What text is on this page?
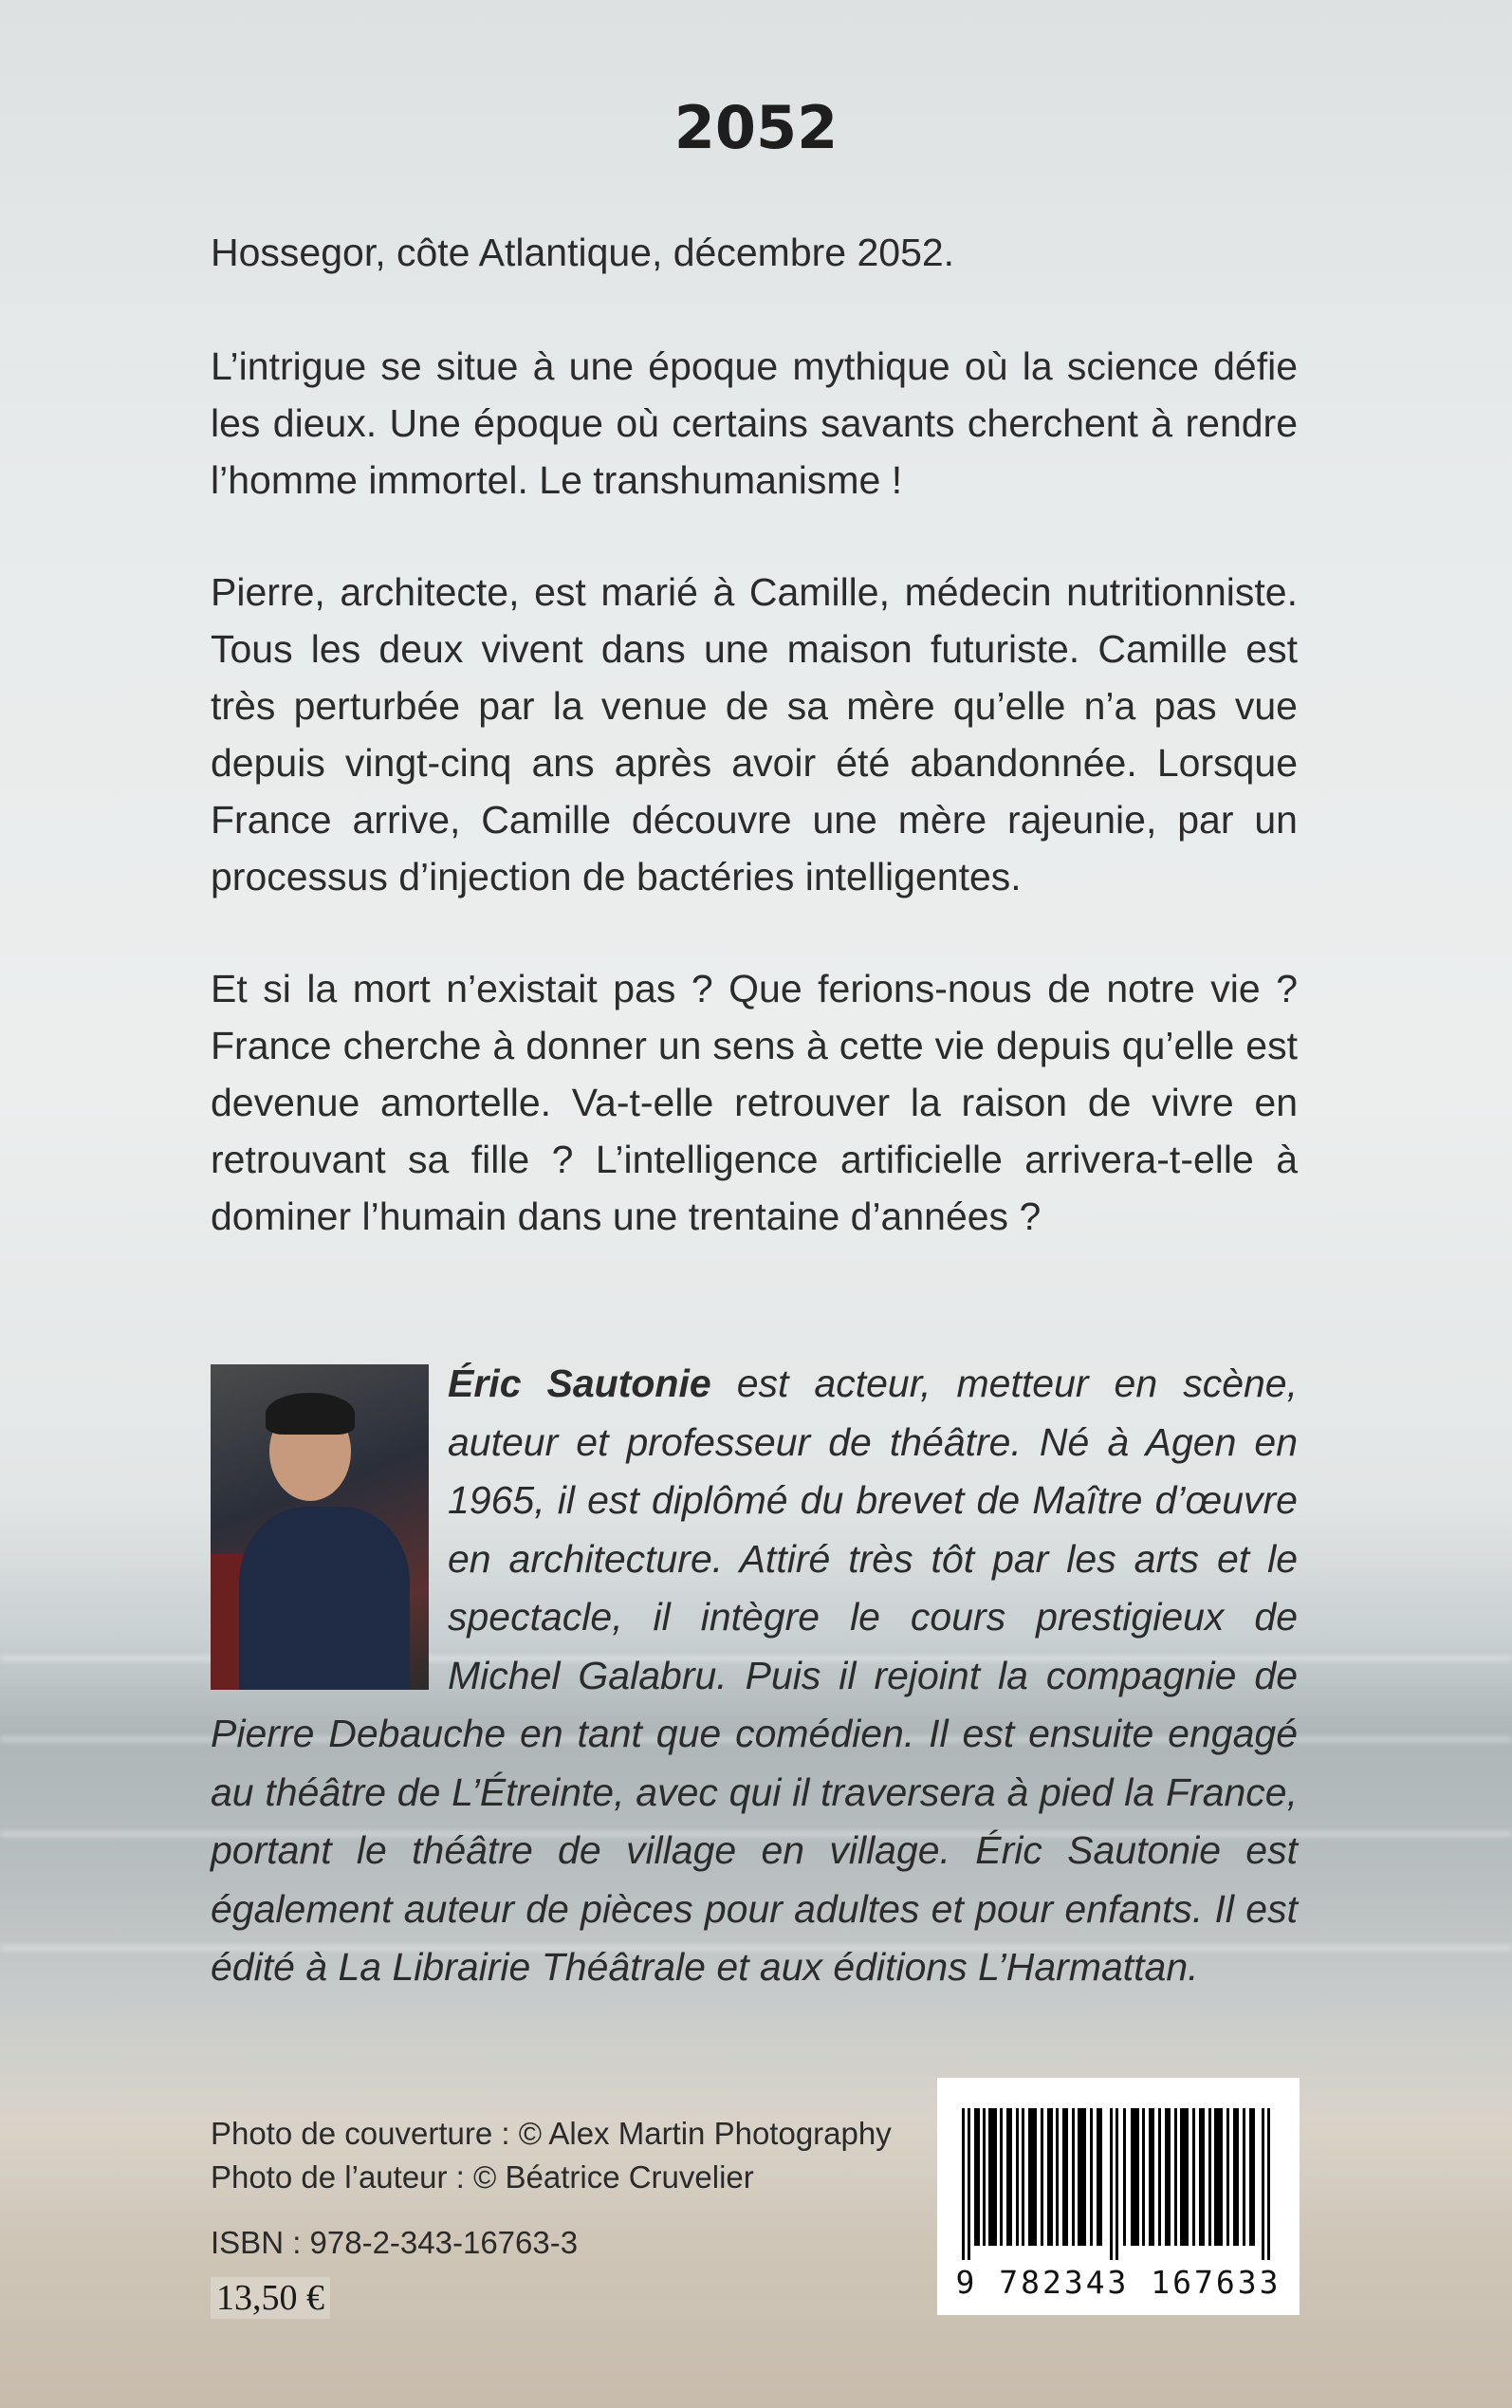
2052

Hossegor, côte Atlantique, décembre 2052.

L’intrigue se situe à une époque mythique où la science défie les dieux. Une époque où certains savants cherchent à rendre l’homme immortel. Le transhumanisme !

Pierre, architecte, est marié à Camille, médecin nutritionniste. Tous les deux vivent dans une maison futuriste. Camille est très perturbée par la venue de sa mère qu’elle n’a pas vue depuis vingt-cinq ans après avoir été abandonnée. Lorsque France arrive, Camille découvre une mère rajeunie, par un processus d’injection de bactéries intelligentes.

Et si la mort n’existait pas ? Que ferions-nous de notre vie ? France cherche à donner un sens à cette vie depuis qu’elle est devenue amortelle. Va-t-elle retrouver la raison de vivre en retrouvant sa fille ? L’intelligence artificielle arrivera-t-elle à dominer l’humain dans une trentaine d’années ?

Éric Sautonie est acteur, metteur en scène, auteur et professeur de théâtre. Né à Agen en 1965, il est diplômé du brevet de Maître d’œuvre en architecture. Attiré très tôt par les arts et le spectacle, il intègre le cours prestigieux de Michel Galabru. Puis il rejoint la compagnie de Pierre Debauche en tant que comédien. Il est ensuite engagé au théâtre de L’Étreinte, avec qui il traversera à pied la France, portant le théâtre de village en village. Éric Sautonie est également auteur de pièces pour adultes et pour enfants. Il est édité à La Librairie Théâtrale et aux éditions L’Harmattan.
Photo de couverture : © Alex Martin Photography
Photo de l’auteur : © Béatrice Cruvelier
ISBN : 978-2-343-16763-3
13,50 €	9 782343 167633
